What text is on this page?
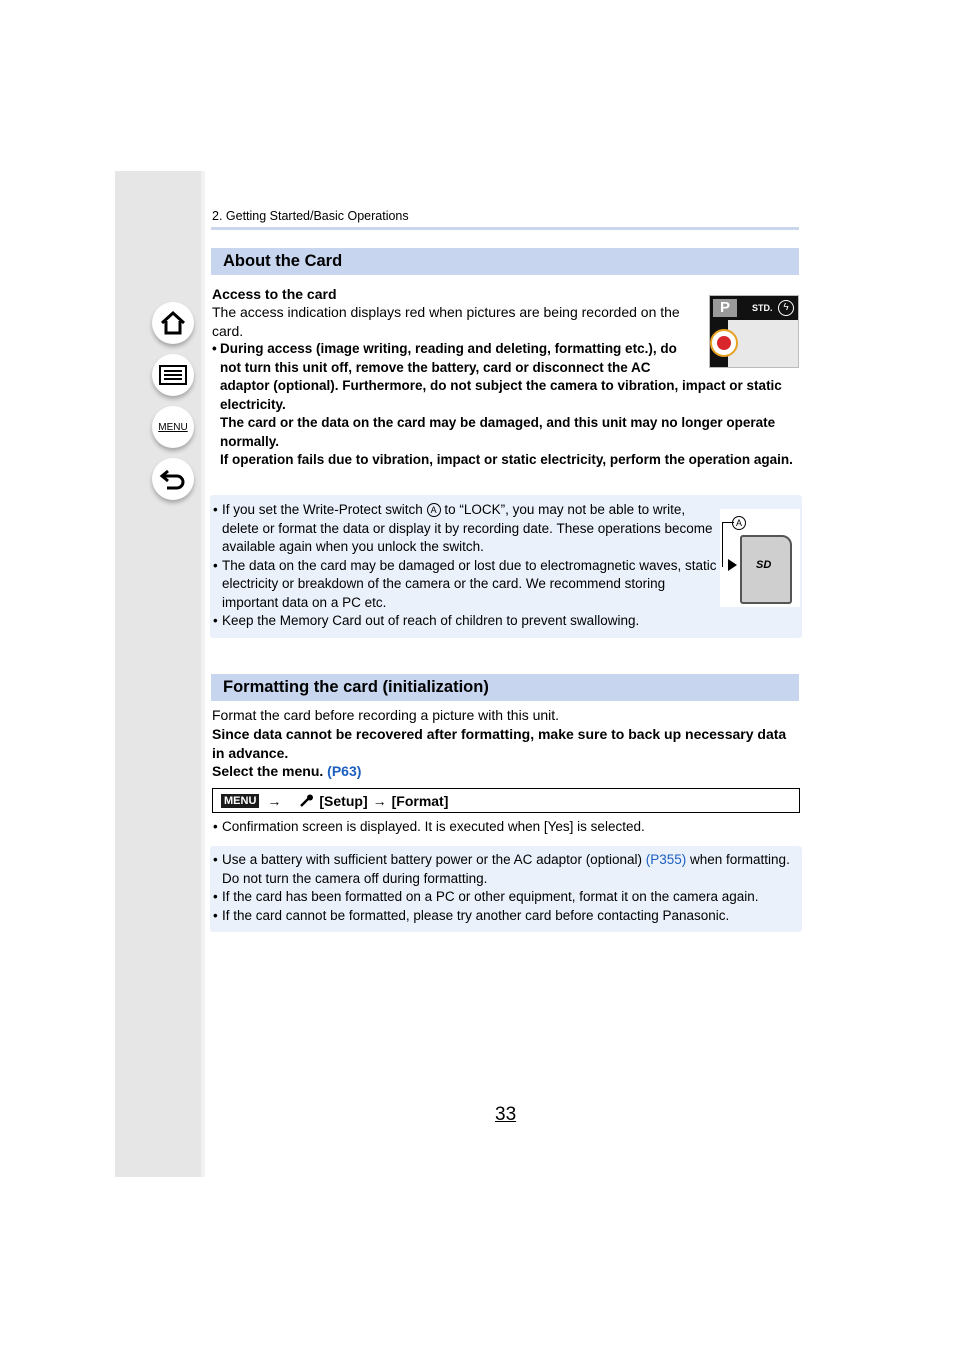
MENU
2. Getting Started/Basic Operations
About the Card
Access to the card
The access indication displays red when pictures are being recorded on the card.
• During access (image writing, reading and deleting, formatting etc.), do not turn this unit off, remove the battery, card or disconnect the AC
adaptor (optional). Furthermore, do not subject the camera to vibration, impact or static electricity.
The card or the data on the card may be damaged, and this unit may no longer operate normally.
If operation fails due to vibration, impact or static electricity, perform the operation again.
P	STD.	ϟ
• If you set the Write-Protect switch A to “LOCK”, you may not be able to write, delete or format the data or display it by recording date. These operations become available again when you unlock the switch.
• The data on the card may be damaged or lost due to electromagnetic waves, static electricity or breakdown of the camera or the card. We recommend storing important data on a PC etc.
• Keep the Memory Card out of reach of children to prevent swallowing.
A
SD
Formatting the card (initialization)
Format the card before recording a picture with this unit.
Since data cannot be recovered after formatting, make sure to back up necessary data in advance.
Select the menu. (P63)
MENU →	[Setup] → [Format]
• Confirmation screen is displayed. It is executed when [Yes] is selected.
• Use a battery with sufficient battery power or the AC adaptor (optional) (P355) when formatting. Do not turn the camera off during formatting.
• If the card has been formatted on a PC or other equipment, format it on the camera again.
• If the card cannot be formatted, please try another card before contacting Panasonic.
33
